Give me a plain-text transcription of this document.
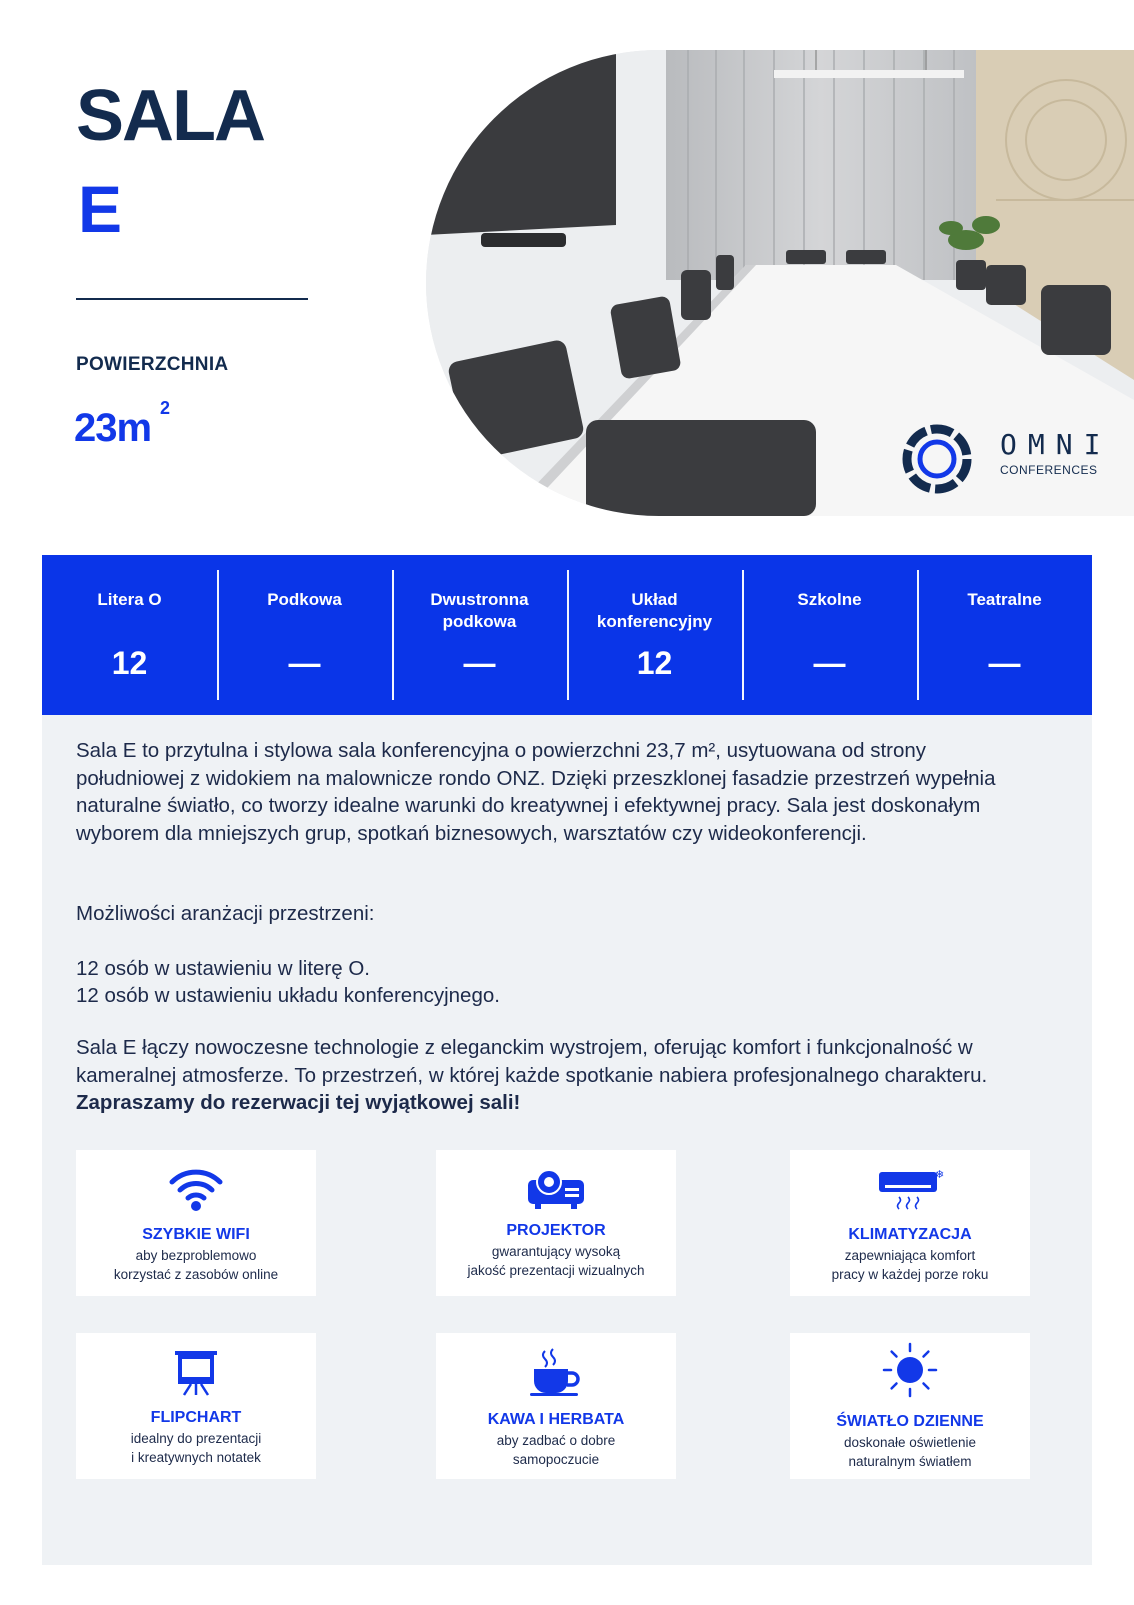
SALA
E
POWIERZCHNIA
23m 2
OMNI
CONFERENCES
Litera O
12
Podkowa
—
Dwustronna
podkowa
—
Układ
konferencyjny
12
Szkolne
—
Teatralne
—

Sala E to przytulna i stylowa sala konferencyjna o powierzchni 23,7 m², usytuowana od strony południowej z widokiem na malownicze rondo ONZ. Dzięki przeszklonej fasadzie przestrzeń wypełnia naturalne światło, co tworzy idealne warunki do kreatywnej i efektywnej pracy. Sala jest doskonałym wyborem dla mniejszych grup, spotkań biznesowych, warsztatów czy wideokonferencji.

Możliwości aranżacji przestrzeni:

12 osób w ustawieniu w literę O.

12 osób w ustawieniu układu konferencyjnego.

Sala E łączy nowoczesne technologie z eleganckim wystrojem, oferując komfort i funkcjonalność w kameralnej atmosferze. To przestrzeń, w której każde spotkanie nabiera profesjonalnego charakteru. Zapraszamy do rezerwacji tej wyjątkowej sali!

SZYBKIE WIFI
aby bezproblemowo
korzystać z zasobów online
PROJEKTOR
gwarantujący wysoką
jakość prezentacji wizualnych
❄
KLIMATYZACJA
zapewniająca komfort
pracy w każdej porze roku
FLIPCHART
idealny do prezentacji
i kreatywnych notatek
KAWA I HERBATA
aby zadbać o dobre
samopoczucie
ŚWIATŁO DZIENNE
doskonałe oświetlenie
naturalnym światłem
